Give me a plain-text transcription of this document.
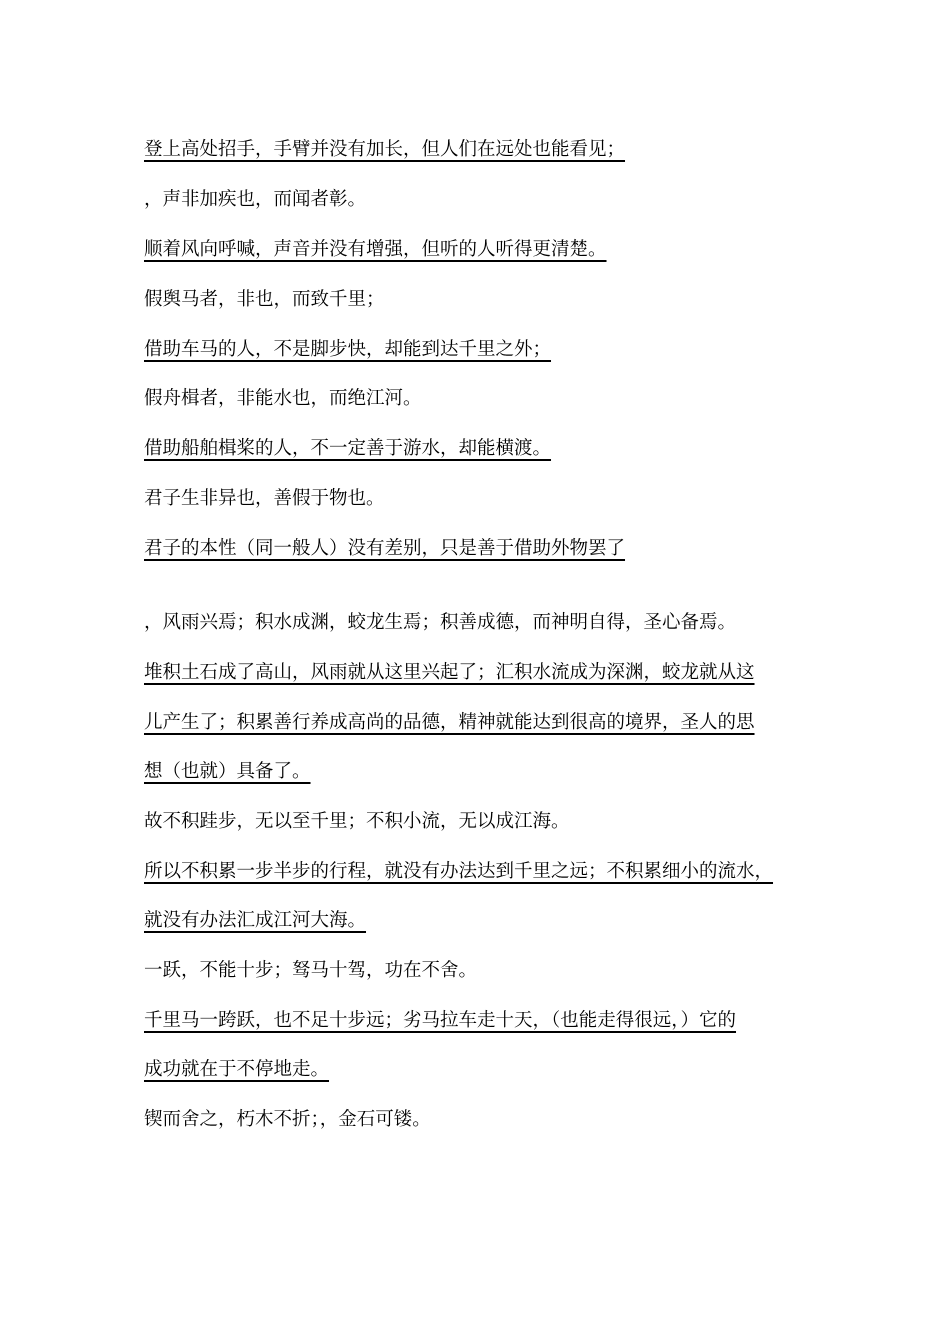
登上高处招手，手臂并没有加长，但人们在远处也能看见；

，声非加疾也，而闻者彰。

顺着风向呼喊，声音并没有增强，但听的人听得更清楚。

假舆马者，非也，而致千里；

借助车马的人，不是脚步快，却能到达千里之外；

假舟楫者，非能水也，而绝江河。

借助船舶楫桨的人，不一定善于游水，却能横渡。

君子生非异也，善假于物也。

君子的本性（同一般人）没有差别，只是善于借助外物罢了

，风雨兴焉；积水成渊，蛟龙生焉；积善成德，而神明自得，圣心备焉。

堆积土石成了高山，风雨就从这里兴起了；汇积水流成为深渊，蛟龙就从这

儿产生了；积累善行养成高尚的品德，精神就能达到很高的境界，圣人的思

想（也就）具备了。

故不积跬步，无以至千里；不积小流，无以成江海。

所以不积累一步半步的行程，就没有办法达到千里之远；不积累细小的流水，

就没有办法汇成江河大海。

一跃，不能十步；驽马十驾，功在不舍。

千里马一跨跃，也不足十步远；劣马拉车走十天，（也能走得很远，）它的

成功就在于不停地走。

锲而舍之，朽木不折；，金石可镂。
